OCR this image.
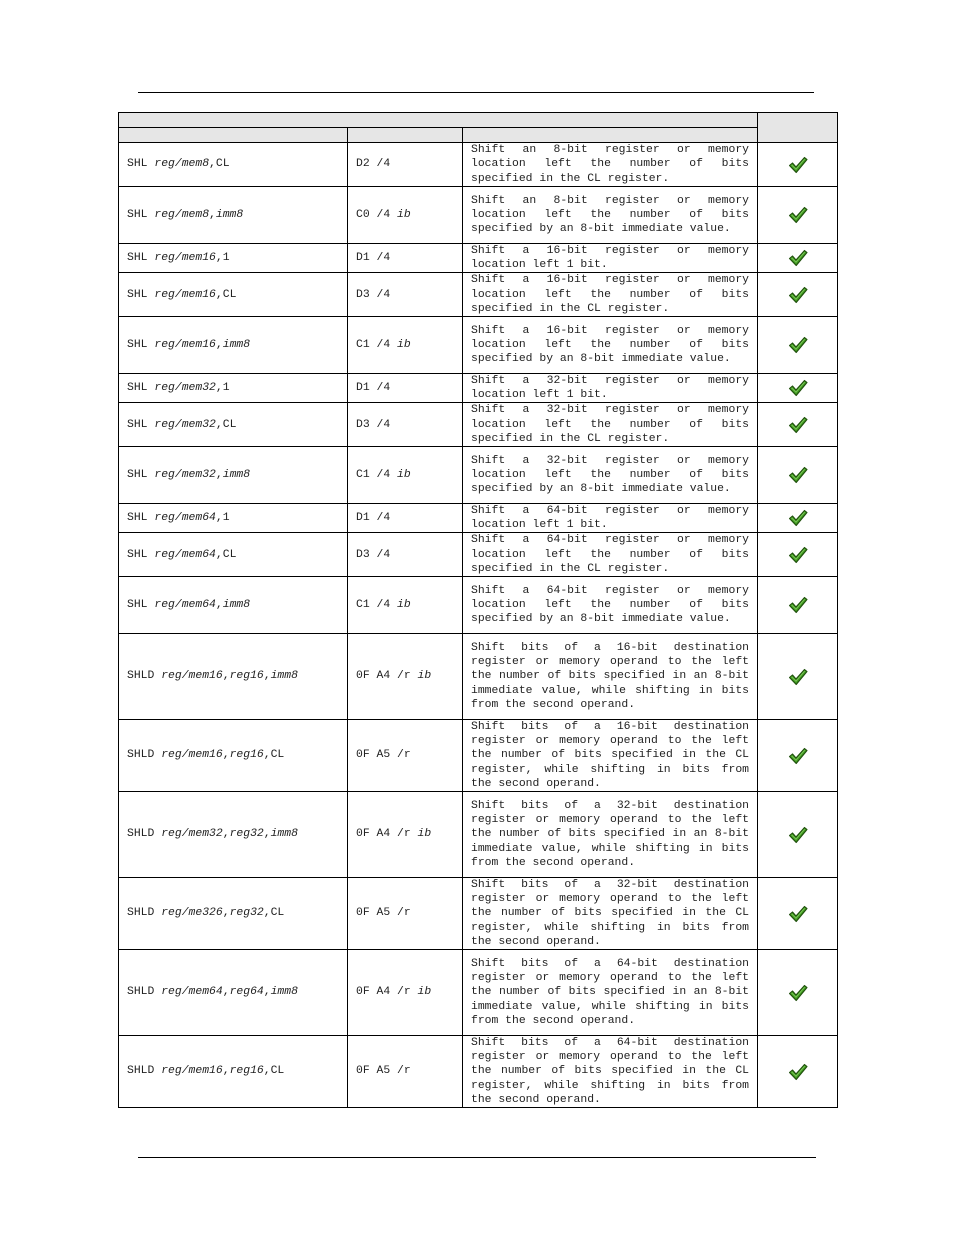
SHL reg/mem8,CL	D2 /4	Shift an 8-bit register or memory location left the number of bits specified in the CL register.	
SHL reg/mem8,imm8	C0 /4 ib	Shift an 8-bit register or memory location left the number of bits specified by an 8-bit immediate value.	
SHL reg/mem16,1	D1 /4	Shift a 16-bit register or memory location left 1 bit.	
SHL reg/mem16,CL	D3 /4	Shift a 16-bit register or memory location left the number of bits specified in the CL register.	
SHL reg/mem16,imm8	C1 /4 ib	Shift a 16-bit register or memory location left the number of bits specified by an 8-bit immediate value.	
SHL reg/mem32,1	D1 /4	Shift a 32-bit register or memory location left 1 bit.	
SHL reg/mem32,CL	D3 /4	Shift a 32-bit register or memory location left the number of bits specified in the CL register.	
SHL reg/mem32,imm8	C1 /4 ib	Shift a 32-bit register or memory location left the number of bits specified by an 8-bit immediate value.	
SHL reg/mem64,1	D1 /4	Shift a 64-bit register or memory location left 1 bit.	
SHL reg/mem64,CL	D3 /4	Shift a 64-bit register or memory location left the number of bits specified in the CL register.	
SHL reg/mem64,imm8	C1 /4 ib	Shift a 64-bit register or memory location left the number of bits specified by an 8-bit immediate value.	
SHLD reg/mem16,reg16,imm8	0F A4 /r ib	Shift bits of a 16-bit destination register or memory operand to the left the number of bits specified in an 8-bit immediate value, while shifting in bits from the second operand.	
SHLD reg/mem16,reg16,CL	0F A5 /r	Shift bits of a 16-bit destination register or memory operand to the left the number of bits specified in the CL register, while shifting in bits from the second operand.	
SHLD reg/mem32,reg32,imm8	0F A4 /r ib	Shift bits of a 32-bit destination register or memory operand to the left the number of bits specified in an 8-bit immediate value, while shifting in bits from the second operand.	
SHLD reg/me326,reg32,CL	0F A5 /r	Shift bits of a 32-bit destination register or memory operand to the left the number of bits specified in the CL register, while shifting in bits from the second operand.	
SHLD reg/mem64,reg64,imm8	0F A4 /r ib	Shift bits of a 64-bit destination register or memory operand to the left the number of bits specified in an 8-bit immediate value, while shifting in bits from the second operand.	
SHLD reg/mem16,reg16,CL	0F A5 /r	Shift bits of a 64-bit destination register or memory operand to the left the number of bits specified in the CL register, while shifting in bits from the second operand.	
